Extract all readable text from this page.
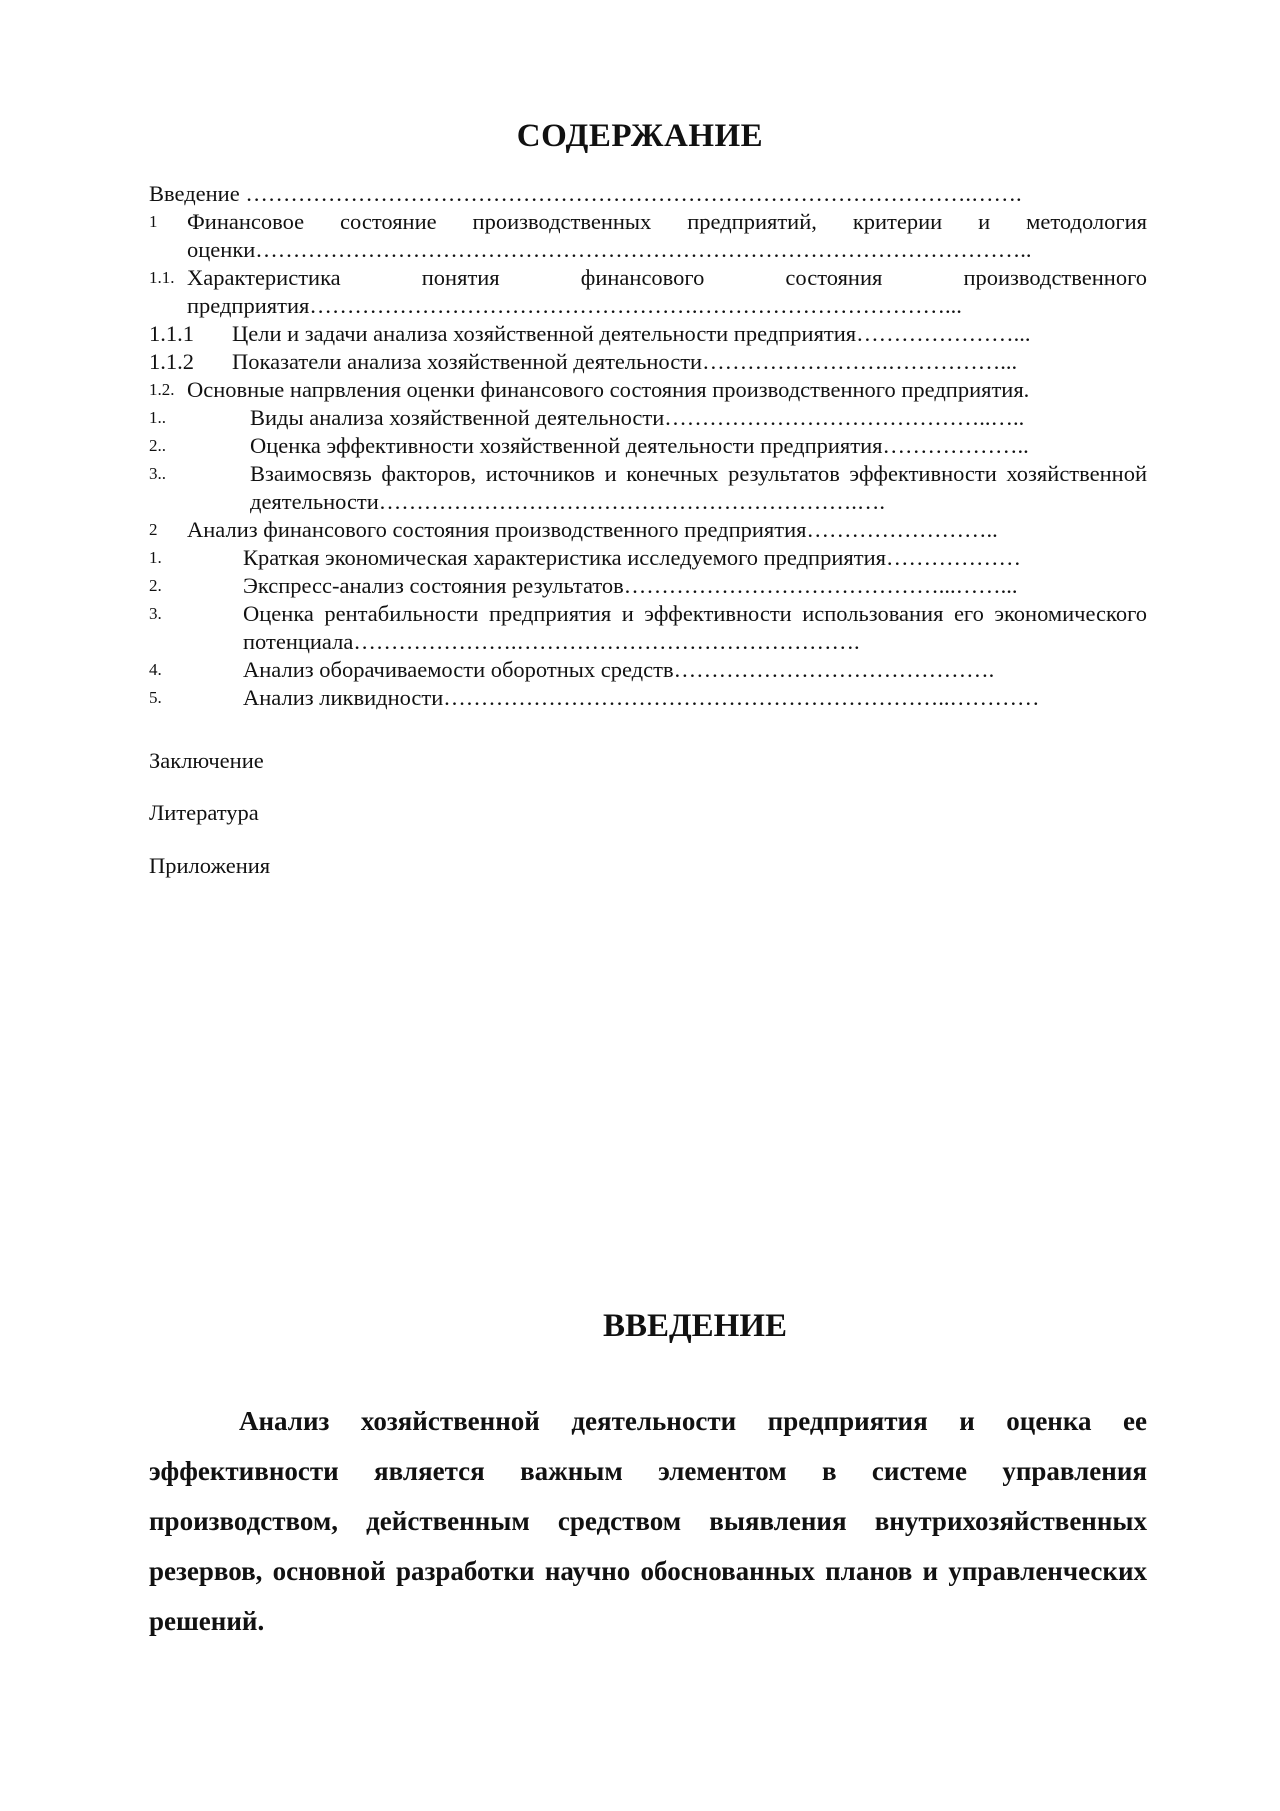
СОДЕРЖАНИЕ
Введение …………………………………………………………………………………….…….
1	Финансовое состояние производственных предприятий, критерии и методология оценки…………………………………………………………………………………………..
1.1. Характеристика понятия финансового состояния производственного предприятия…………………………………………….……………………………...
1.1.1	Цели и задачи анализа хозяйственной деятельности предприятия…………………...
1.1.2	Показатели анализа хозяйственной деятельности…………………….……………...
1.2. Основные напрвления оценки финансового состояния производственного предприятия.
1..	Виды анализа хозяйственной деятельности……………………………………..…..
2..	Оценка эффективности хозяйственной деятельности предприятия………………..
3..	Взаимосвязь факторов, источников и конечных результатов эффективности хозяйственной деятельности……………………………………………………….….
2	Анализ финансового состояния производственного предприятия……………………..
1.	Краткая экономическая характеристика исследуемого предприятия………………
2.	Экспресс-анализ состояния результатов……………………………………...……...
3.	Оценка рентабильности предприятия и эффективности использования его экономического потенциала………………….……………………………………….
4.	Анализ оборачиваемости оборотных средств…………………………………….
5.	Анализ ликвидности…………………………………………………………..…………
Заключение
Литература
Приложения
ВВЕДЕНИЕ
Анализ хозяйственной деятельности предприятия и оценка ее эффективности является важным элементом в системе управления производством, действенным средством выявления внутрихозяйственных резервов, основной разработки научно обоснованных планов и управленческих решений.
